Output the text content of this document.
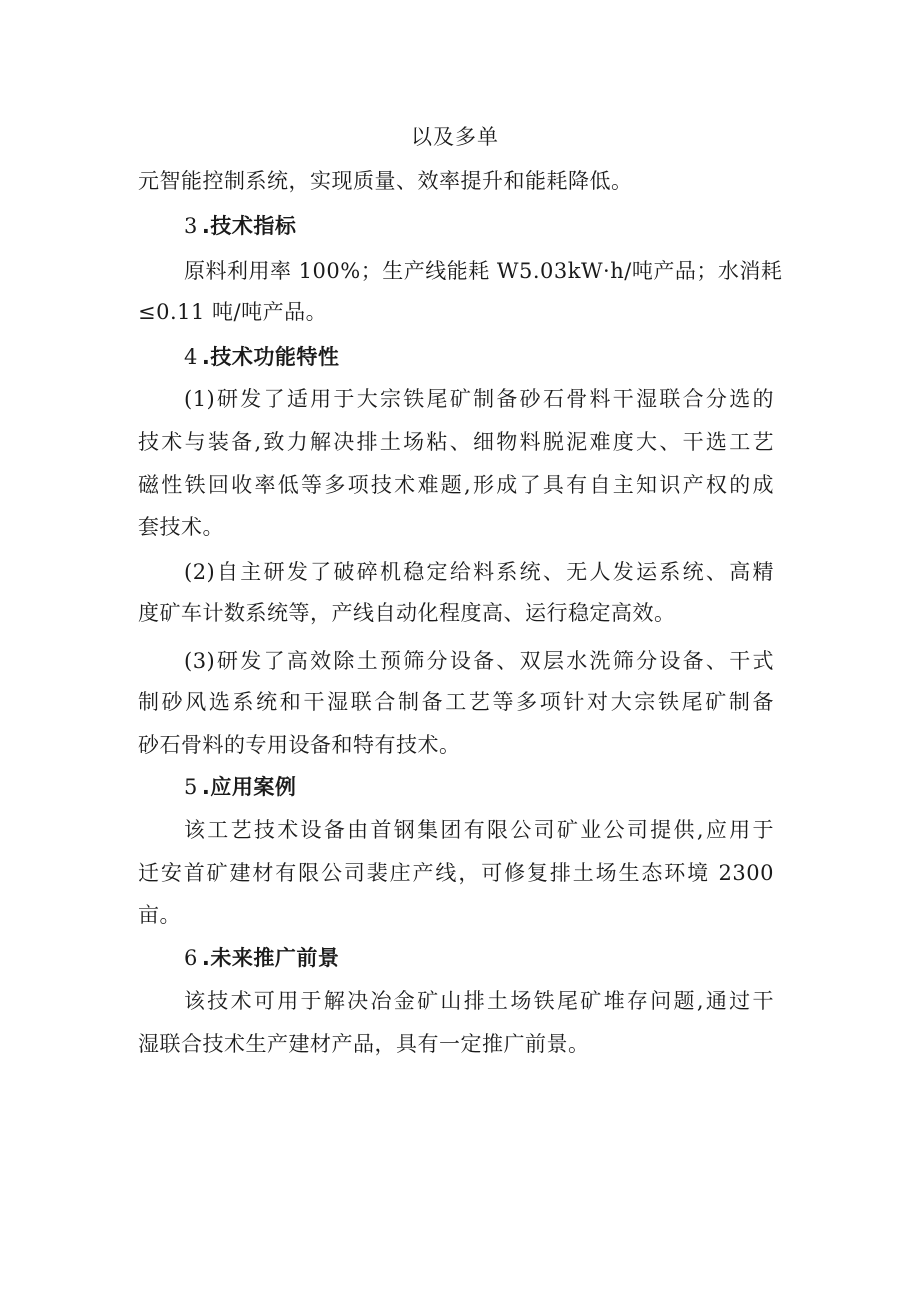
以及多单
元智能控制系统，实现质量、效率提升和能耗降低。
3 .技术指标
原料利用率 100%；生产线能耗 W5.03kW·h/吨产品；水消耗
≤0.11 吨/吨产品。
4 .技术功能特性
(1)研发了适用于大宗铁尾矿制备砂石骨料干湿联合分选的
技术与装备,致力解决排土场粘、细物料脱泥难度大、干选工艺
磁性铁回收率低等多项技术难题,形成了具有自主知识产权的成
套技术。
(2)自主研发了破碎机稳定给料系统、无人发运系统、高精
度矿车计数系统等，产线自动化程度高、运行稳定高效。
(3)研发了高效除土预筛分设备、双层水洗筛分设备、干式
制砂风选系统和干湿联合制备工艺等多项针对大宗铁尾矿制备
砂石骨料的专用设备和特有技术。
5 .应用案例
该工艺技术设备由首钢集团有限公司矿业公司提供,应用于
迁安首矿建材有限公司裴庄产线，可修复排土场生态环境 2300
亩。
6 .未来推广前景
该技术可用于解决冶金矿山排土场铁尾矿堆存问题,通过干
湿联合技术生产建材产品，具有一定推广前景。
